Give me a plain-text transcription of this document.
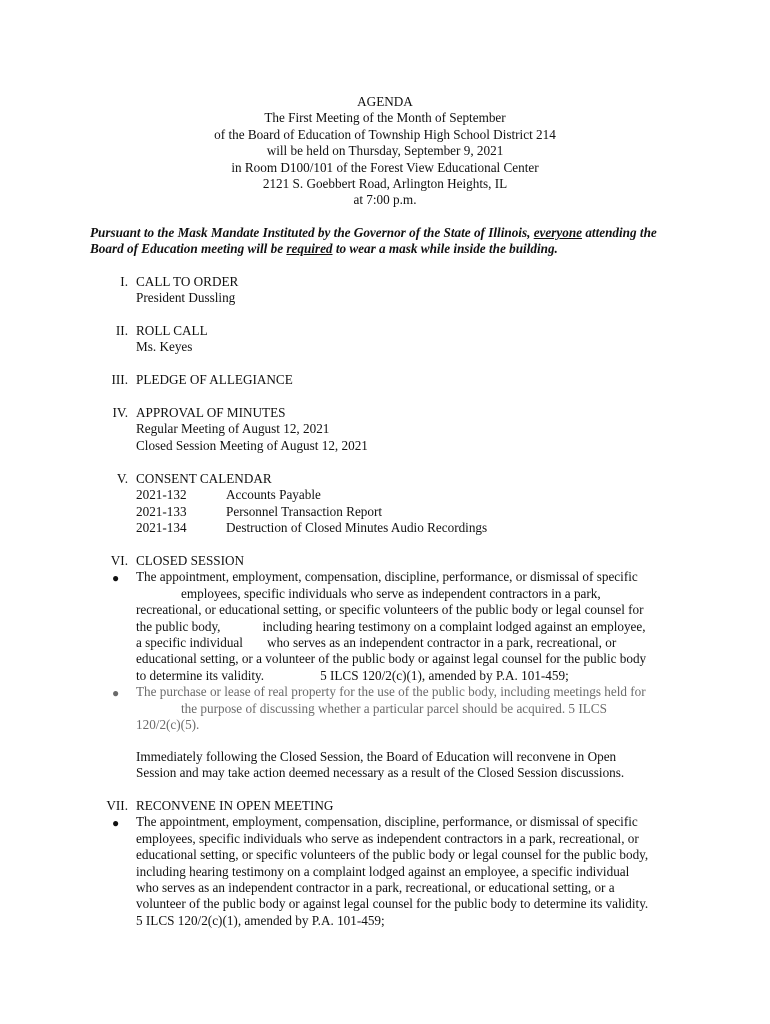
AGENDA
The First Meeting of the Month of September
of the Board of Education of Township High School District 214
will be held on Thursday, September 9, 2021
in Room D100/101 of the Forest View Educational Center
2121 S. Goebbert Road, Arlington Heights, IL
at 7:00 p.m.
Pursuant to the Mask Mandate Instituted by the Governor of the State of Illinois, everyone attending the Board of Education meeting will be required to wear a mask while inside the building.
I. CALL TO ORDER
President Dussling
II. ROLL CALL
Ms. Keyes
III. PLEDGE OF ALLEGIANCE
IV. APPROVAL OF MINUTES
Regular Meeting of August 12, 2021
Closed Session Meeting of August 12, 2021
V. CONSENT CALENDAR
2021-132	Accounts Payable
2021-133	Personnel Transaction Report
2021-134	Destruction of Closed Minutes Audio Recordings
VI. CLOSED SESSION
●	The appointment, employment, compensation, discipline, performance, or dismissal of specific
employees, specific individuals who serve as independent contractors in a park,
recreational, or educational setting, or specific volunteers of the public body or legal counsel for
the public body,	including hearing testimony on a complaint lodged against an employee,
a specific individual who serves as an independent contractor in a park, recreational, or
educational setting, or a volunteer of the public body or against legal counsel for the public body
to determine its validity.	5 ILCS 120/2(c)(1), amended by P.A. 101-459;
●	The purchase or lease of real property for the use of the public body, including meetings held for
the purpose of discussing whether a particular parcel should be acquired. 5 ILCS
120/2(c)(5).
Immediately following the Closed Session, the Board of Education will reconvene in Open
Session and may take action deemed necessary as a result of the Closed Session discussions.
VII. RECONVENE IN OPEN MEETING
●	The appointment, employment, compensation, discipline, performance, or dismissal of specific
employees, specific individuals who serve as independent contractors in a park, recreational, or
educational setting, or specific volunteers of the public body or legal counsel for the public body,
including hearing testimony on a complaint lodged against an employee, a specific individual
who serves as an independent contractor in a park, recreational, or educational setting, or a
volunteer of the public body or against legal counsel for the public body to determine its validity.
5 ILCS 120/2(c)(1), amended by P.A. 101-459;
